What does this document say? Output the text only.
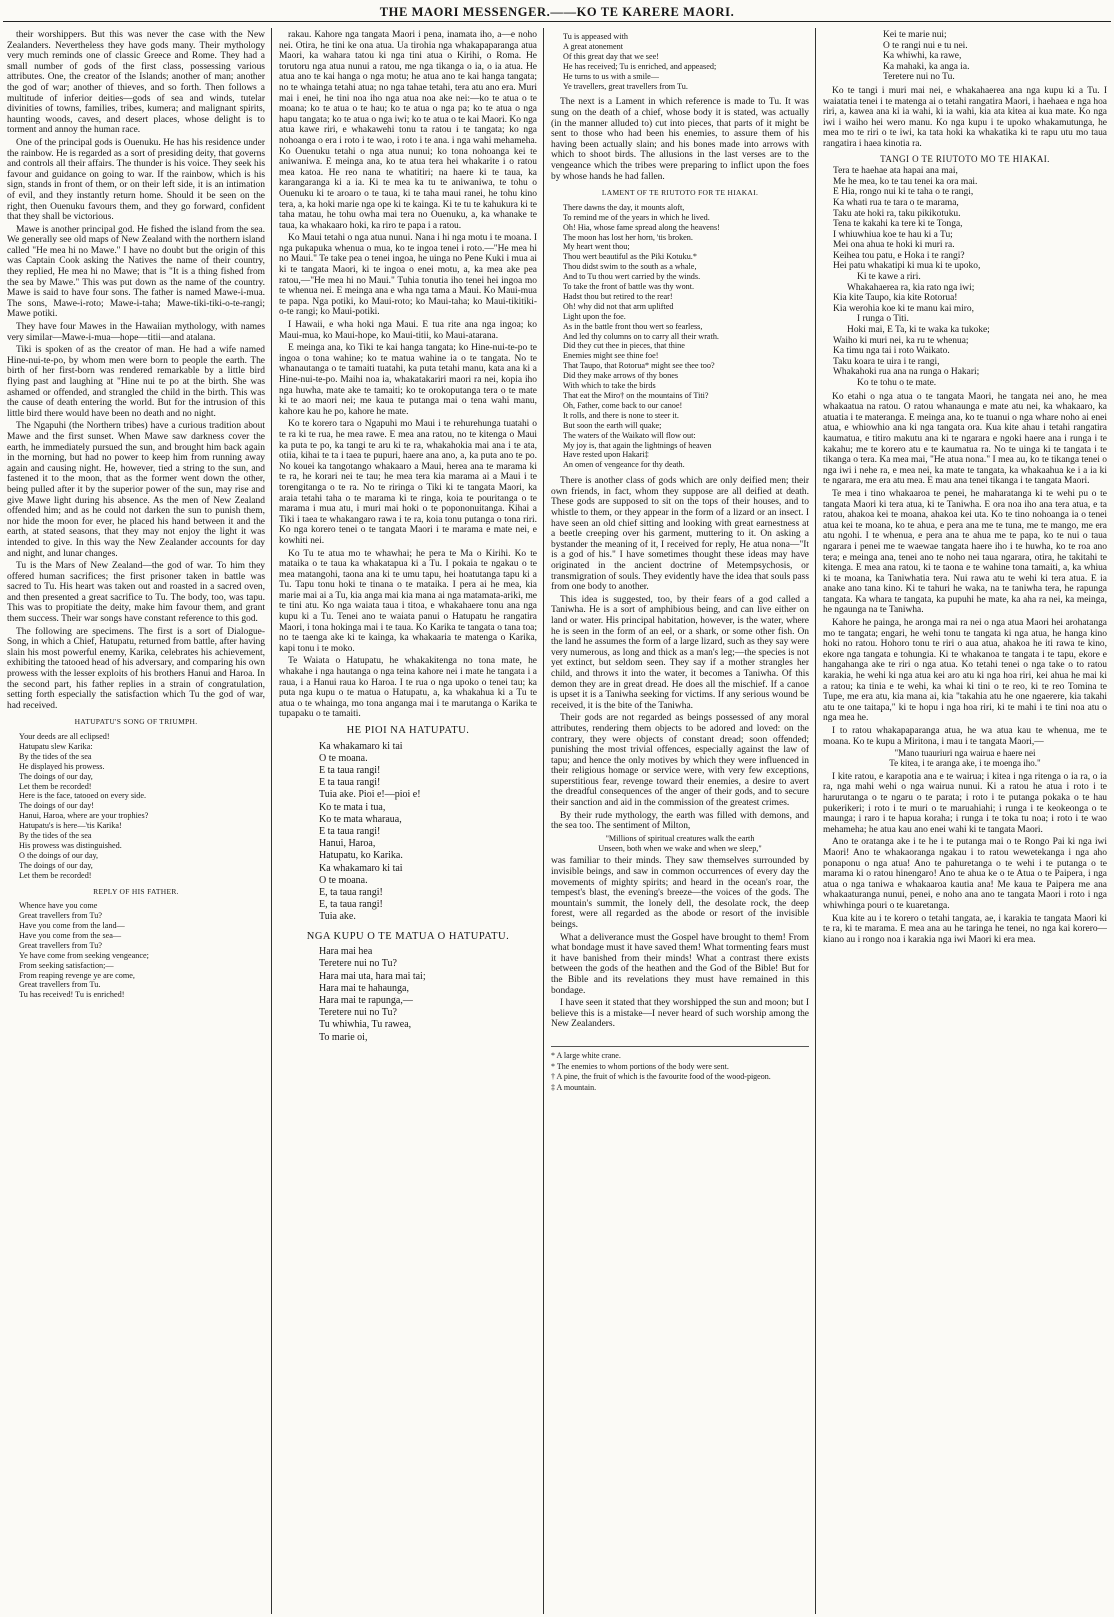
THE MAORI MESSENGER.——KO TE KARERE MAORI.

their worshippers. But this was never the case with the New Zealanders. Nevertheless they have gods many. Their mythology very much reminds one of classic Greece and Rome. They had a small number of gods of the first class, possessing various attributes. One, the creator of the Islands; another of man; another the god of war; another of thieves, and so forth. Then follows a multitude of inferior deities—gods of sea and winds, tutelar divinities of towns, families, tribes, kumera; and malignant spirits, haunting woods, caves, and desert places, whose delight is to torment and annoy the human race.

One of the principal gods is Ouenuku. He has his residence under the rainbow. He is regarded as a sort of presiding deity, that governs and controls all their affairs. The thunder is his voice. They seek his favour and guidance on going to war. If the rainbow, which is his sign, stands in front of them, or on their left side, it is an intimation of evil, and they instantly return home. Should it be seen on the right, then Ouenuku favours them, and they go forward, confident that they shall be victorious.

Mawe is another principal god. He fished the island from the sea. We generally see old maps of New Zealand with the northern island called "He mea hi no Mawe." I have no doubt but the origin of this was Captain Cook asking the Natives the name of their country, they replied, He mea hi no Mawe; that is "It is a thing fished from the sea by Mawe." This was put down as the name of the country. Mawe is said to have four sons. The father is named Mawe-i-mua. The sons, Mawe-i-roto; Mawe-i-taha; Mawe-tiki-tiki-o-te-rangi; Mawe potiki.

They have four Mawes in the Hawaiian mythology, with names very similar—Mawe-i-mua—hope—titii—and atalana.

Tiki is spoken of as the creator of man. He had a wife named Hine-nui-te-po, by whom men were born to people the earth. The birth of her first-born was rendered remarkable by a little bird flying past and laughing at "Hine nui te po at the birth. She was ashamed or offended, and strangled the child in the birth. This was the cause of death entering the world. But for the intrusion of this little bird there would have been no death and no night.

The Ngapuhi (the Northern tribes) have a curious tradition about Mawe and the first sunset. When Mawe saw darkness cover the earth, he immediately pursued the sun, and brought him back again in the morning, but had no power to keep him from running away again and causing night. He, however, tied a string to the sun, and fastened it to the moon, that as the former went down the other, being pulled after it by the superior power of the sun, may rise and give Mawe light during his absence. As the men of New Zealand offended him; and as he could not darken the sun to punish them, nor hide the moon for ever, he placed his hand between it and the earth, at stated seasons, that they may not enjoy the light it was intended to give. In this way the New Zealander accounts for day and night, and lunar changes.

Tu is the Mars of New Zealand—the god of war. To him they offered human sacrifices; the first prisoner taken in battle was sacred to Tu. His heart was taken out and roasted in a sacred oven, and then presented a great sacrifice to Tu. The body, too, was tapu. This was to propitiate the deity, make him favour them, and grant them success. Their war songs have constant reference to this god.

The following are specimens. The first is a sort of Dialogue-Song, in which a Chief, Hatupatu, returned from battle, after having slain his most powerful enemy, Karika, celebrates his achievement, exhibiting the tatooed head of his adversary, and comparing his own prowess with the lesser exploits of his brothers Hanui and Haroa. In the second part, his father replies in a strain of congratulation, setting forth especially the satisfaction which Tu the god of war, had received.

HATUPATU'S SONG OF TRIUMPH.
Your deeds are all eclipsed!
Hatupatu slew Karika:
By the tides of the sea
He displayed his prowess.
The doings of our day,
Let them be recorded!
Here is the face, tatooed on every side.
The doings of our day!
Hanui, Haroa, where are your trophies?
Hatupatu's is here—'tis Karika!
By the tides of the sea
His prowess was distinguished.
O the doings of our day,
The doings of our day,
Let them be recorded!
REPLY OF HIS FATHER.
Whence have you come
Great travellers from Tu?
Have you come from the land—
Have you come from the sea—
Great travellers from Tu?
Ye have come from seeking vengeance;
From seeking satisfaction;—
From reaping revenge ye are come,
Great travellers from Tu.
Tu has received! Tu is enriched!

rakau. Kahore nga tangata Maori i pena, inamata iho, a—e noho nei. Otira, he tini ke ona atua. Ua tirohia nga whakapaparanga atua Maori, ka wahara tatou ki nga tini atua o Kirihi, o Roma. He torutoru nga atua nunui a ratou, me nga tikanga o ia, o ia atua. He atua ano te kai hanga o nga motu; he atua ano te kai hanga tangata; no te whainga tetahi atua; no nga tahae tetahi, tera atu ano era. Muri mai i enei, he tini noa iho nga atua noa ake nei:—ko te atua o te moana; ko te atua o te hau; ko te atua o nga pa; ko te atua o nga hapu tangata; ko te atua o nga iwi; ko te atua o te kai Maori. Ko nga atua kawe riri, e whakawehi tonu ta ratou i te tangata; ko nga nohoanga o era i roto i te wao, i roto i te ana. i nga wahi mehameha. Ko Ouenuku tetahi o nga atua nunui; ko tona nohoanga kei te aniwaniwa. E meinga ana, ko te atua tera hei whakarite i o ratou mea katoa. He reo nana te whatitiri; na haere ki te taua, ka karangaranga ki a ia. Ki te mea ka tu te aniwaniwa, te tohu o Ouenuku ki te aroaro o te taua, ki te taha maui ranei, he tohu kino tera, a, ka hoki marie nga ope ki te kainga. Ki te tu te kahukura ki te taha matau, he tohu owha mai tera no Ouenuku, a, ka whanake te taua, ka whakaaro hoki, ka riro te papa i a ratou.

Ko Maui tetahi o nga atua nunui. Nana i hi nga motu i te moana. I nga pukapuka whenua o mua, ko te ingoa tenei i roto.—"He mea hi no Maui." Te take pea o tenei ingoa, he uinga no Pene Kuki i mua ai ki te tangata Maori, ki te ingoa o enei motu, a, ka mea ake pea ratou,—"He mea hi no Maui." Tuhia tonutia iho tenei hei ingoa mo te whenua nei. E meinga ana e wha nga tama a Maui. Ko Maui-mua te papa. Nga potiki, ko Maui-roto; ko Maui-taha; ko Maui-tikitiki-o-te rangi; ko Maui-potiki.

I Hawaii, e wha hoki nga Maui. E tua rite ana nga ingoa; ko Maui-mua, ko Maui-hope, ko Maui-titii, ko Maui-atarana.

E meinga ana, ko Tiki te kai hanga tangata; ko Hine-nui-te-po te ingoa o tona wahine; ko te matua wahine ia o te tangata. No te whanautanga o te tamaiti tuatahi, ka puta tetahi manu, kata ana ki a Hine-nui-te-po. Maihi noa ia, whakatakariri maori ra nei, kopia iho nga huwha, mate ake te tamaiti; ko te orokoputanga tera o te mate ki te ao maori nei; me kaua te putanga mai o tena wahi manu, kahore kau he po, kahore he mate.

Ko te korero tara o Ngapuhi mo Maui i te rehurehunga tuatahi o te ra ki te rua, he mea rawe. E mea ana ratou, no te kitenga o Maui ka puta te po, ka tangi te aru ki te ra, whakahokia mai ana i te ata, otiia, kihai te ta i taea te pupuri, haere ana ano, a, ka puta ano te po. No kouei ka tangotango whakaaro a Maui, herea ana te marama ki te ra, he korari nei te tau; he mea tera kia marama ai a Maui i te torengitanga o te ra. No te riringa o Tiki ki te tangata Maori, ka araia tetahi taha o te marama ki te ringa, koia te pouritanga o te marama i mua atu, i muri mai hoki o te popononuitanga. Kihai a Tiki i taea te whakangaro rawa i te ra, koia tonu putanga o tona riri. Ko nga korero tenei o te tangata Maori i te marama e mate nei, e kowhiti nei.

Ko Tu te atua mo te whawhai; he pera te Ma o Kirihi. Ko te mataika o te taua ka whakatapua ki a Tu. I pokaia te ngakau o te mea matangohi, taona ana ki te umu tapu, hei hoatutanga tapu ki a Tu. Tapu tonu hoki te tinana o te mataika. I pera ai he mea, kia marie mai ai a Tu, kia anga mai kia mana ai nga matamata-ariki, me te tini atu. Ko nga waiata taua i titoa, e whakahaere tonu ana nga kupu ki a Tu. Tenei ano te waiata panui o Hatupatu he rangatira Maori, i tona hokinga mai i te taua. Ko Karika te tangata o tana toa; no te taenga ake ki te kainga, ka whakaaria te matenga o Karika, kapi tonu i te moko.

Te Waiata o Hatupatu, he whakakitenga no tona mate, he whakahe i nga hautanga o nga teina kahore nei i mate he tangata i a raua, i a Hanui raua ko Haroa. I te rua o nga upoko o tenei tau; ka puta nga kupu o te matua o Hatupatu, a, ka whakahua ki a Tu te atua o te whainga, mo tona anganga mai i te marutanga o Karika te tupapaku o te tamaiti.

HE PIOI NA HATUPATU.
Ka whakamaro ki tai
O te moana.
E ta taua rangi!
E ta taua rangi!
Tuia ake. Pioi e!—pioi e!
Ko te mata i tua,
Ko te mata wharaua,
E ta taua rangi!
Hanui, Haroa,
Hatupatu, ko Karika.
Ka whakamaro ki tai
O te moana.
E, ta taua rangi!
E, ta taua rangi!
Tuia ake.
NGA KUPU O TE MATUA O HATUPATU.
Hara mai hea
Teretere nui no Tu?
Hara mai uta, hara mai tai;
Hara mai te hahaunga,
Hara mai te rapunga,—
Teretere nui no Tu?
Tu whiwhia, Tu rawea,
To marie oi,
Tu is appeased with
A great atonement
Of this great day that we see!
He has received; Tu is enriched, and appeased;
He turns to us with a smile—
Ye travellers, great travellers from Tu.

The next is a Lament in which reference is made to Tu. It was sung on the death of a chief, whose body it is stated, was actually (in the manner alluded to) cut into pieces, that parts of it might be sent to those who had been his enemies, to assure them of his having been actually slain; and his bones made into arrows with which to shoot birds. The allusions in the last verses are to the vengeance which the tribes were preparing to inflict upon the foes by whose hands he had fallen.

LAMENT OF TE RIUTOTO FOR TE HIAKAI.
There dawns the day, it mounts aloft,
To remind me of the years in which he lived.
Oh! Hia, whose fame spread along the heavens!
The moon has lost her horn, 'tis broken.
My heart went thou;
Thou wert beautiful as the Piki Kotuku.*
Thou didst swim to the south as a whale,
And to Tu thou wert carried by the winds.
To take the front of battle was thy wont.
Hadst thou but retired to the rear!
Oh! why did not that arm uplifted
Light upon the foe.
As in the battle front thou wert so fearless,
And led thy columns on to carry all their wrath.
Did they cut thee in pieces, that thine
Enemies might see thine foe!
That Taupo, that Rotorua* might see thee too?
Did they make arrows of thy bones
With which to take the birds
That eat the Miro† on the mountains of Titi?
Oh, Father, come back to our canoe!
It rolls, and there is none to steer it.
But soon the earth will quake;
The waters of the Waikato will flow out:
My joy is, that again the lightnings of heaven
Have rested upon Hakari‡
An omen of vengeance for thy death.

There is another class of gods which are only deified men; their own friends, in fact, whom they suppose are all deified at death. These gods are supposed to sit on the tops of their houses, and to whistle to them, or they appear in the form of a lizard or an insect. I have seen an old chief sitting and looking with great earnestness at a beetle creeping over his garment, muttering to it. On asking a bystander the meaning of it, I received for reply, He atua nona—"It is a god of his." I have sometimes thought these ideas may have originated in the ancient doctrine of Metempsychosis, or transmigration of souls. They evidently have the idea that souls pass from one body to another.

This idea is suggested, too, by their fears of a god called a Taniwha. He is a sort of amphibious being, and can live either on land or water. His principal habitation, however, is the water, where he is seen in the form of an eel, or a shark, or some other fish. On the land he assumes the form of a large lizard, such as they say were very numerous, as long and thick as a man's leg;—the species is not yet extinct, but seldom seen. They say if a mother strangles her child, and throws it into the water, it becomes a Taniwha. Of this demon they are in great dread. He does all the mischief. If a canoe is upset it is a Taniwha seeking for victims. If any serious wound be received, it is the bite of the Taniwha.

Their gods are not regarded as beings possessed of any moral attributes, rendering them objects to be adored and loved: on the contrary, they were objects of constant dread; soon offended; punishing the most trivial offences, especially against the law of tapu; and hence the only motives by which they were influenced in their religious homage or service were, with very few exceptions, superstitious fear, revenge toward their enemies, a desire to avert the dreadful consequences of the anger of their gods, and to secure their sanction and aid in the commission of the greatest crimes.

By their rude mythology, the earth was filled with demons, and the sea too. The sentiment of Milton,

"Millions of spiritual creatures walk the earth
Unseen, both when we wake and when we sleep,"

was familiar to their minds. They saw themselves surrounded by invisible beings, and saw in common occurrences of every day the movements of mighty spirits; and heard in the ocean's roar, the tempest's blast, the evening's breeze—the voices of the gods. The mountain's summit, the lonely dell, the desolate rock, the deep forest, were all regarded as the abode or resort of the invisible beings.

What a deliverance must the Gospel have brought to them! From what bondage must it have saved them! What tormenting fears must it have banished from their minds! What a contrast there exists between the gods of the heathen and the God of the Bible! But for the Bible and its revelations they must have remained in this bondage.

I have seen it stated that they worshipped the sun and moon; but I believe this is a mistake—I never heard of such worship among the New Zealanders.

* A large white crane.
* The enemies to whom portions of the body were sent.
† A pine, the fruit of which is the favourite food of the wood-pigeon.
‡ A mountain.
Kei te marie nui;
O te rangi nui e tu nei.
Ka whiwhi, ka rawe,
Ka mahaki, ka anga ia.
Teretere nui no Tu.

Ko te tangi i muri mai nei, e whakahaerea ana nga kupu ki a Tu. I waiatatia tenei i te matenga ai o tetahi rangatira Maori, i haehaea e nga hoa riri, a, kawea ana ki ia wahi, ki ia wahi, kia ata kitea ai kua mate. Ko nga iwi i waiho hei wero manu. Ko nga kupu i te upoko whakamutunga, he mea mo te riri o te iwi, ka tata hoki ka whakatika ki te rapu utu mo taua rangatira i haea kinotia ra.

TANGI O TE RIUTOTO MO TE HIAKAI.
Tera te haehae ata hapai ana mai,
Me he mea, ko te tau tenei ka ora mai.
E Hia, rongo nui ki te taha o te rangi,
Ka whati rua te tara o te marama,
Taku ate hoki ra, taku pikikotuku.
Tena te kakahi ka tere ki te Tonga,
I whiuwhiua koe te hau ki a Tu;
Mei ona ahua te hoki ki muri ra.
Keihea tou patu, e Hoka i te rangi?
Hei patu whakatipi ki mua ki te upoko,
Ki te kawe a riri.
Whakahaerea ra, kia rato nga iwi;
Kia kite Taupo, kia kite Rotorua!
Kia werohia koe ki te manu kai miro,
I runga o Titi.
Hoki mai, E Ta, ki te waka ka tukoke;
Waiho ki muri nei, ka ru te whenua;
Ka timu nga tai i roto Waikato.
Taku koara te uira i te rangi,
Whakahoki rua ana na runga o Hakari;
Ko te tohu o te mate.

Ko etahi o nga atua o te tangata Maori, he tangata nei ano, he mea whakaatua na ratou. O ratou whanaunga e mate atu nei, ka whakaaro, ka atuatia i te materanga. E meinga ana, ko te tuanui o nga whare noho ai enei atua, e whiowhio ana ki nga tangata ora. Kua kite ahau i tetahi rangatira kaumatua, e titiro makutu ana ki te ngarara e ngoki haere ana i runga i te kakahu; me te korero atu e te kaumatua ra. No te uinga ki te tangata i te tikanga o tera. Ka mea mai, "He atua nona." I mea au, ko te tikanga tenei o nga iwi i nehe ra, e mea nei, ka mate te tangata, ka whakaahua ke i a ia ki te ngarara, me era atu mea. E mau ana tenei tikanga i te tangata Maori.

Te mea i tino whakaaroa te penei, he maharatanga ki te wehi pu o te tangata Maori ki tera atua, ki te Taniwha. E ora noa iho ana tera atua, e ta ratou, ahakoa kei te moana, ahakoa kei uta. Ko te tino nohoanga ia o tenei atua kei te moana, ko te ahua, e pera ana me te tuna, me te mango, me era atu ngohi. I te whenua, e pera ana te ahua me te papa, ko te nui o taua ngarara i penei me te waewae tangata haere iho i te huwha, ko te roa ano tera; e meinga ana, tenei ano te noho nei taua ngarara, otira, he takitahi te kitenga. E mea ana ratou, ki te taona e te wahine tona tamaiti, a, ka whiua ki te moana, ka Taniwhatia tera. Nui rawa atu te wehi ki tera atua. E ia anake ano tana kino. Ki te tahuri he waka, na te taniwha tera, he rapunga tangata. Ka whara te tangata, ka pupuhi he mate, ka aha ra nei, ka meinga, he ngaunga na te Taniwha.

Kahore he painga, he aronga mai ra nei o nga atua Maori hei arohatanga mo te tangata; engari, he wehi tonu te tangata ki nga atua, he hanga kino hoki no ratou. Hohoro tonu te riri o aua atua, ahakoa he iti rawa te kino, ekore nga tangata e tohungia. Ki te whakanoa te tangata i te tapu, ekore e hangahanga ake te riri o nga atua. Ko tetahi tenei o nga take o to ratou karakia, he wehi ki nga atua kei aro atu ki nga hoa riri, kei ahua he mai ki a ratou; ka tinia e te wehi, ka whai ki tini o te reo, ki te reo Tomina te Tupe, me era atu, kia mana ai, kia "takahia atu he one ngaerere, kia takahi atu te one taitapa," ki te hopu i nga hoa riri, ki te mahi i te tini noa atu o nga mea he.

I to ratou whakapaparanga atua, he wa atua kau te whenua, me te moana. Ko te kupu a Miritona, i mau i te tangata Maori,—

"Mano tuauriuri nga wairua e haere nei
Te kitea, i te aranga ake, i te moenga iho."

I kite ratou, e karapotia ana e te wairua; i kitea i nga ritenga o ia ra, o ia ra, nga mahi wehi o nga wairua nunui. Ki a ratou he atua i roto i te harurutanga o te ngaru o te parata; i roto i te putanga pokaka o te hau pukerikeri; i roto i te muri o te maruahiahi; i runga i te keokeonga o te maunga; i raro i te hapua koraha; i runga i te toka tu noa; i roto i te wao mehameha; he atua kau ano enei wahi ki te tangata Maori.

Ano te oratanga ake i te he i te putanga mai o te Rongo Pai ki nga iwi Maori! Ano te whakaoranga ngakau i to ratou wewetekanga i nga aho ponaponu o nga atua! Ano te pahuretanga o te wehi i te putanga o te marama ki o ratou hinengaro! Ano te ahua ke o te Atua o te Paipera, i nga atua o nga taniwa e whakaaroa kautia ana! Me kaua te Paipera me ana whakaaturanga nunui, penei, e noho ana ano te tangata Maori i roto i nga whiwhinga pouri o te kuaretanga.

Kua kite au i te korero o tetahi tangata, ae, i karakia te tangata Maori ki te ra, ki te marama. E mea ana au he taringa he tenei, no nga kai korero—kiano au i rongo noa i karakia nga iwi Maori ki era mea.
